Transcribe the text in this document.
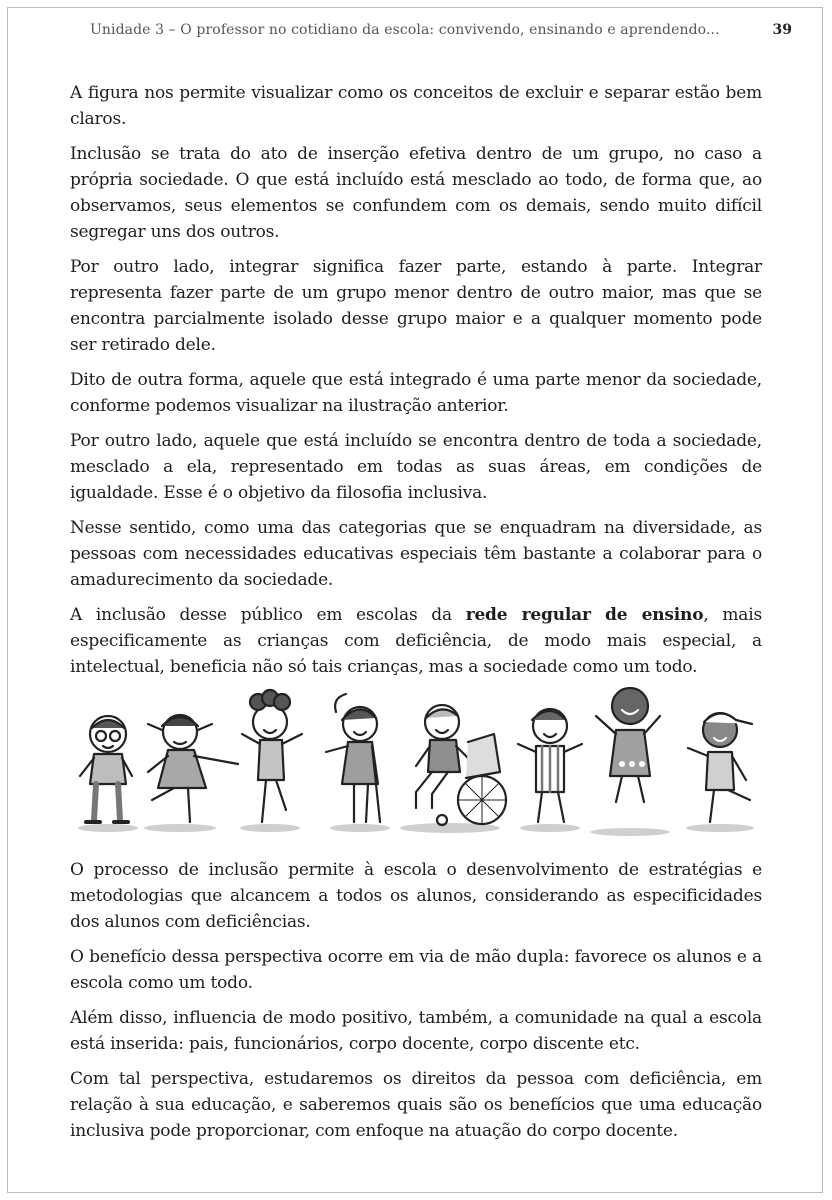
Unidade 3 – O professor no cotidiano da escola: convivendo, ensinando e aprendendo...	39

A figura nos permite visualizar como os conceitos de excluir e separar estão bem claros.

Inclusão se trata do ato de inserção efetiva dentro de um grupo, no caso a própria sociedade. O que está incluído está mesclado ao todo, de forma que, ao observamos, seus elementos se confundem com os demais, sendo muito difícil segregar uns dos outros.

Por outro lado, integrar significa fazer parte, estando à parte. Integrar representa fazer parte de um grupo menor dentro de outro maior, mas que se encontra parcialmente isolado desse grupo maior e a qualquer momento pode ser retirado dele.

Dito de outra forma, aquele que está integrado é uma parte menor da sociedade, conforme podemos visualizar na ilustração anterior.

Por outro lado, aquele que está incluído se encontra dentro de toda a sociedade, mesclado a ela, representado em todas as suas áreas, em condições de igualdade. Esse é o objetivo da filosofia inclusiva.

Nesse sentido, como uma das categorias que se enquadram na diversidade, as pessoas com necessidades educativas especiais têm bastante a colaborar para o amadurecimento da sociedade.

A inclusão desse público em escolas da rede regular de ensino, mais especificamente as crianças com deficiência, de modo mais especial, a intelectual, beneficia não só tais crianças, mas a sociedade como um todo.

O processo de inclusão permite à escola o desenvolvimento de estratégias e metodologias que alcancem a todos os alunos, considerando as especificidades dos alunos com deficiências.

O benefício dessa perspectiva ocorre em via de mão dupla: favorece os alunos e a escola como um todo.

Além disso, influencia de modo positivo, também, a comunidade na qual a escola está inserida: pais, funcionários, corpo docente, corpo discente etc.

Com tal perspectiva, estudaremos os direitos da pessoa com deficiência, em relação à sua educação, e saberemos quais são os benefícios que uma educação inclusiva pode proporcionar, com enfoque na atuação do corpo docente.
